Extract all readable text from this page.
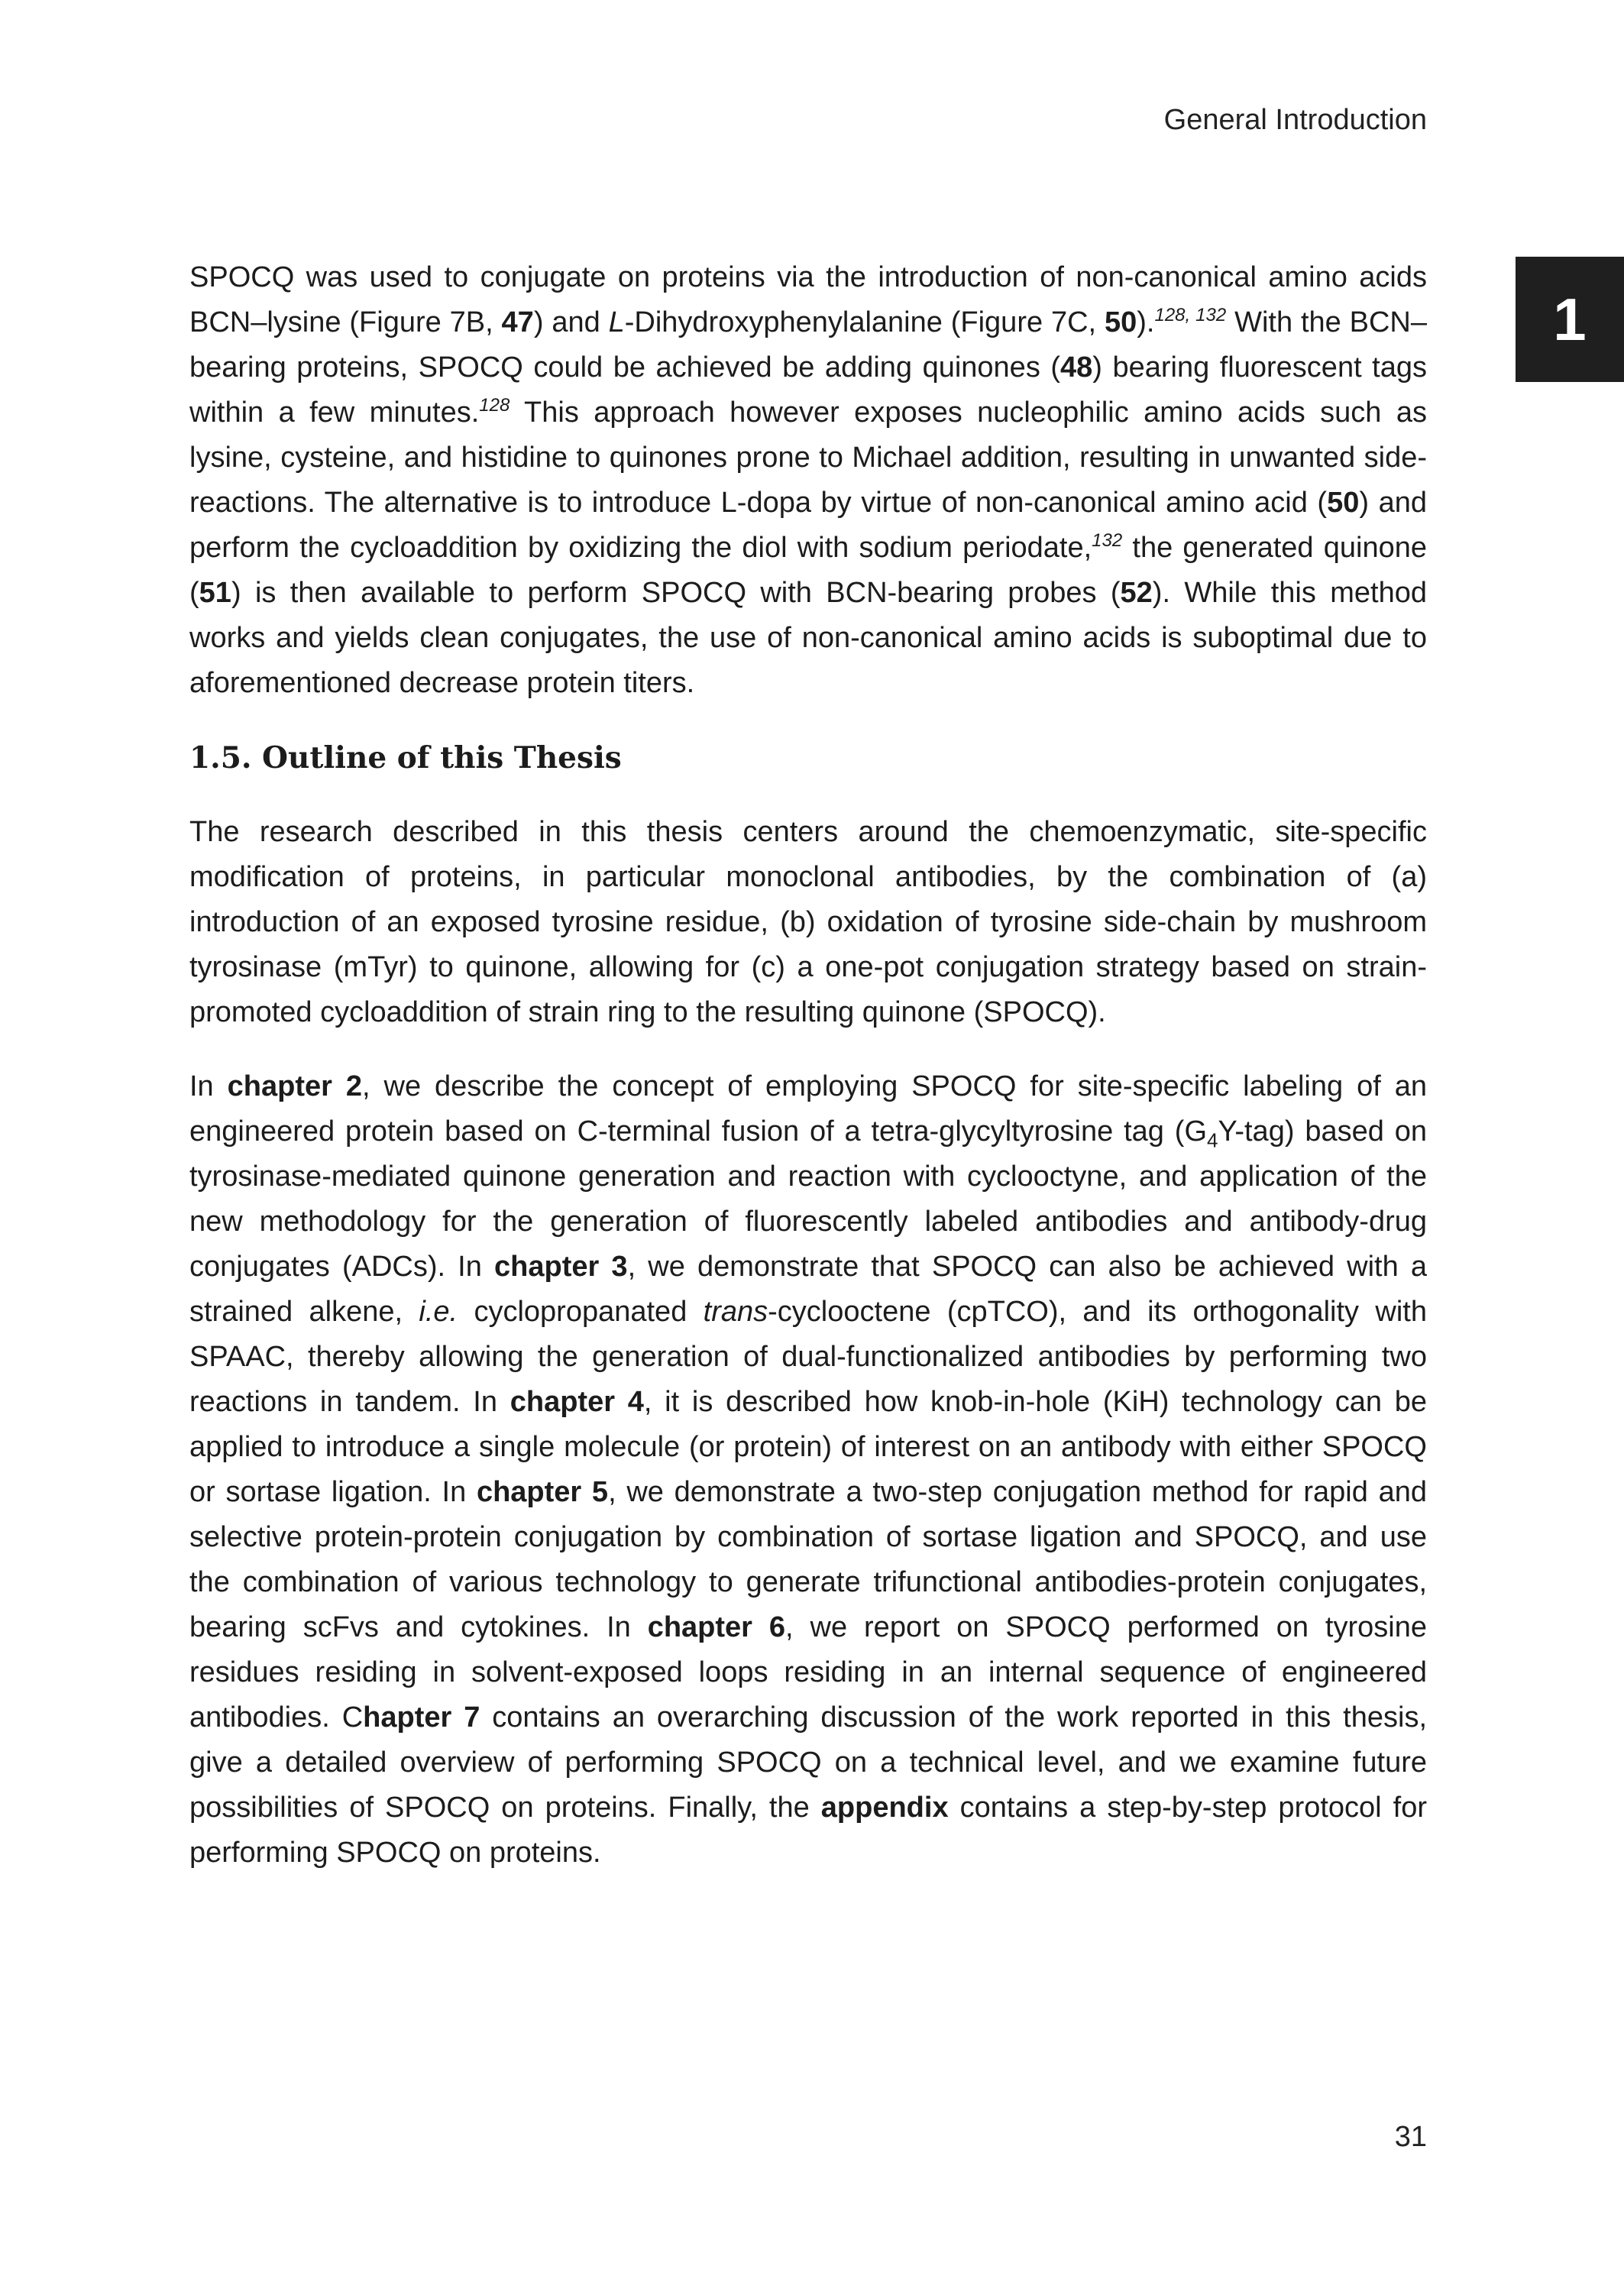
General Introduction
1

SPOCQ was used to conjugate on proteins via the introduction of non-canonical amino acids BCN–lysine (Figure 7B, 47) and L-Dihydroxyphenylalanine (Figure 7C, 50).$^{128, 132}$ With the BCN–bearing proteins, SPOCQ could be achieved be adding quinones (48) bearing fluorescent tags within a few minutes.$^{128}$ This approach however exposes nucleophilic amino acids such as lysine, cysteine, and histidine to quinones prone to Michael addition, resulting in unwanted side-reactions. The alternative is to introduce L-dopa by virtue of non-canonical amino acid (50) and perform the cycloaddition by oxidizing the diol with sodium periodate,$^{132}$ the generated quinone (51) is then available to perform SPOCQ with BCN-bearing probes (52). While this method works and yields clean conjugates, the use of non-canonical amino acids is suboptimal due to aforementioned decrease protein titers.

1.5. Outline of this Thesis

The research described in this thesis centers around the chemoenzymatic, site-specific modification of proteins, in particular monoclonal antibodies, by the combination of (a) introduction of an exposed tyrosine residue, (b) oxidation of tyrosine side-chain by mushroom tyrosinase (mTyr) to quinone, allowing for (c) a one-pot conjugation strategy based on strain-promoted cycloaddition of strain ring to the resulting quinone (SPOCQ).

In chapter 2, we describe the concept of employing SPOCQ for site-specific labeling of an engineered protein based on C-terminal fusion of a tetra-glycyltyrosine tag $(G_4Y-tag)$ based on tyrosinase-mediated quinone generation and reaction with cyclooctyne, and application of the new methodology for the generation of fluorescently labeled antibodies and antibody-drug conjugates (ADCs). In chapter 3, we demonstrate that SPOCQ can also be achieved with a strained alkene, i.e. cyclopropanated trans-cyclooctene (cpTCO), and its orthogonality with SPAAC, thereby allowing the generation of dual-functionalized antibodies by performing two reactions in tandem. In chapter 4, it is described how knob-in-hole (KiH) technology can be applied to introduce a single molecule (or protein) of interest on an antibody with either SPOCQ or sortase ligation. In chapter 5, we demonstrate a two-step conjugation method for rapid and selective protein-protein conjugation by combination of sortase ligation and SPOCQ, and use the combination of various technology to generate trifunctional antibodies-protein conjugates, bearing scFvs and cytokines. In chapter 6, we report on SPOCQ performed on tyrosine residues residing in solvent-exposed loops residing in an internal sequence of engineered antibodies. Chapter 7 contains an overarching discussion of the work reported in this thesis, give a detailed overview of performing SPOCQ on a technical level, and we examine future possibilities of SPOCQ on proteins. Finally, the appendix contains a step-by-step protocol for performing SPOCQ on proteins.

31
